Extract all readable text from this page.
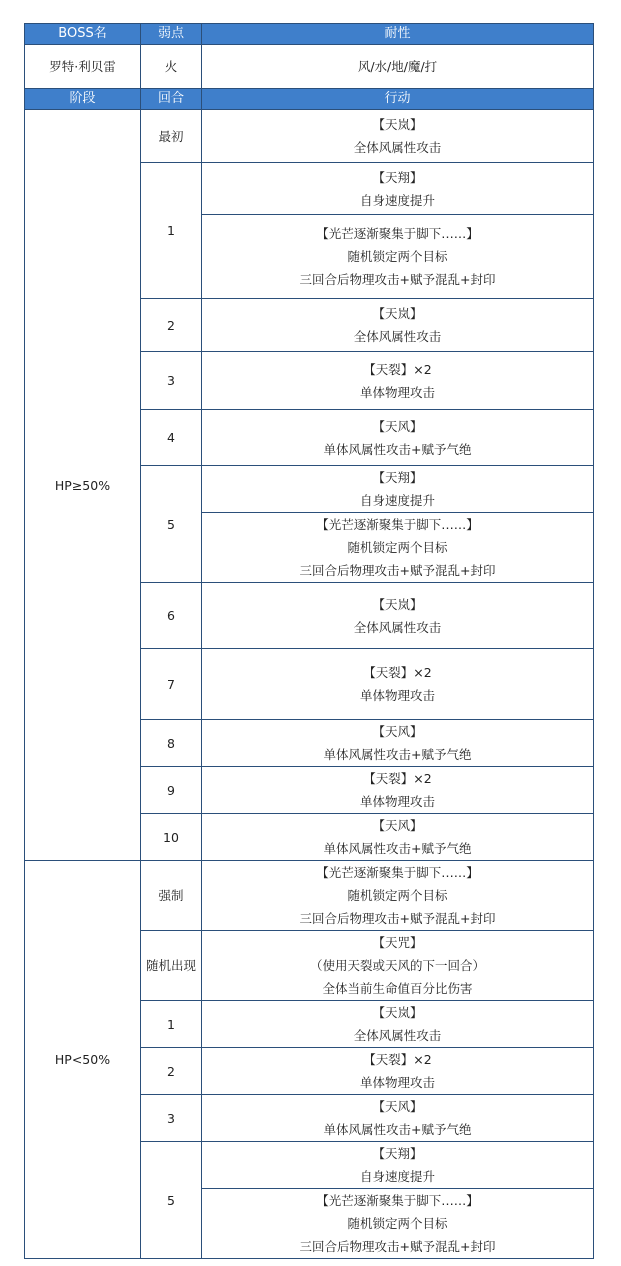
BOSS名	弱点	耐性
罗特·利贝雷	火	风/水/地/魔/打
阶段	回合	行动
HP≥50%	最初	【天岚】
全体风属性攻击

	1	【天翔】
自身速度提升

		【光芒逐渐聚集于脚下……】
随机锁定两个目标
三回合后物理攻击+赋予混乱+封印

	2	【天岚】
全体风属性攻击

	3	【天裂】×2
单体物理攻击

	4	【天风】
单体风属性攻击+赋予气绝

	5	【天翔】
自身速度提升

		【光芒逐渐聚集于脚下……】
随机锁定两个目标
三回合后物理攻击+赋予混乱+封印

	6	【天岚】
全体风属性攻击

	7	【天裂】×2
单体物理攻击

	8	【天风】
单体风属性攻击+赋予气绝

	9	【天裂】×2
单体物理攻击

	10	【天风】
单体风属性攻击+赋予气绝

HP<50%	强制	【光芒逐渐聚集于脚下……】
随机锁定两个目标
三回合后物理攻击+赋予混乱+封印

	随机出现	【天咒】
（使用天裂或天风的下一回合）
全体当前生命值百分比伤害

	1	【天岚】
全体风属性攻击

	2	【天裂】×2
单体物理攻击

	3	【天风】
单体风属性攻击+赋予气绝

	5	【天翔】
自身速度提升

		【光芒逐渐聚集于脚下……】
随机锁定两个目标
三回合后物理攻击+赋予混乱+封印
